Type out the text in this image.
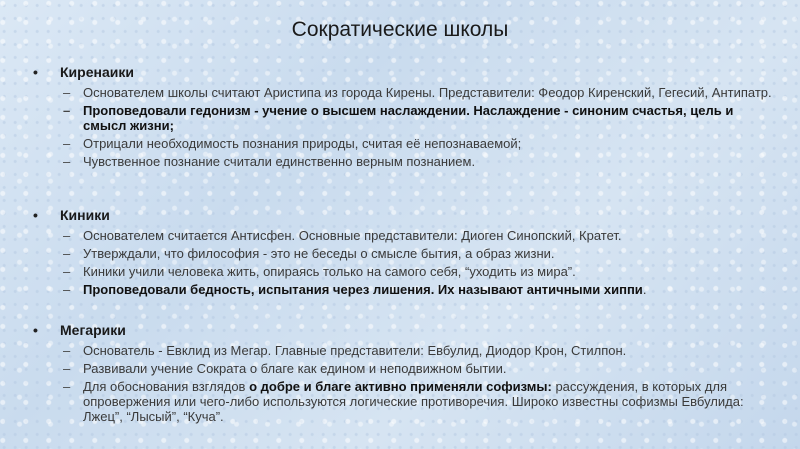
Сократические школы
• Киренаики
– Основателем школы считают Аристипа из города Кирены. Представители: Феодор Киренский, Гегесий, Антипатр.
– Проповедовали гедонизм - учение о высшем наслаждении. Наслаждение - синоним счастья, цель и смысл жизни;
– Отрицали необходимость познания природы, считая её непознаваемой;
– Чувственное познание считали единственно верным познанием.
• Киники
– Основателем считается Антисфен. Основные представители: Диоген Синопский, Кратет.
– Утверждали, что философия - это не беседы о смысле бытия, а образ жизни.
– Киники учили человека жить, опираясь только на самого себя, “уходить из мира”.
– Проповедовали бедность, испытания через лишения. Их называют античными хиппи.
• Мегарики
– Основатель - Евклид из Мегар. Главные представители: Евбулид, Диодор Крон, Стилпон.
– Развивали учение Сократа о благе как едином и неподвижном бытии.
– Для обоснования взглядов о добре и благе активно применяли софизмы: рассуждения, в которых для опровержения или чего-либо используются логические противоречия. Широко известны софизмы Евбулида: Лжец”, “Лысый”, “Куча”.
